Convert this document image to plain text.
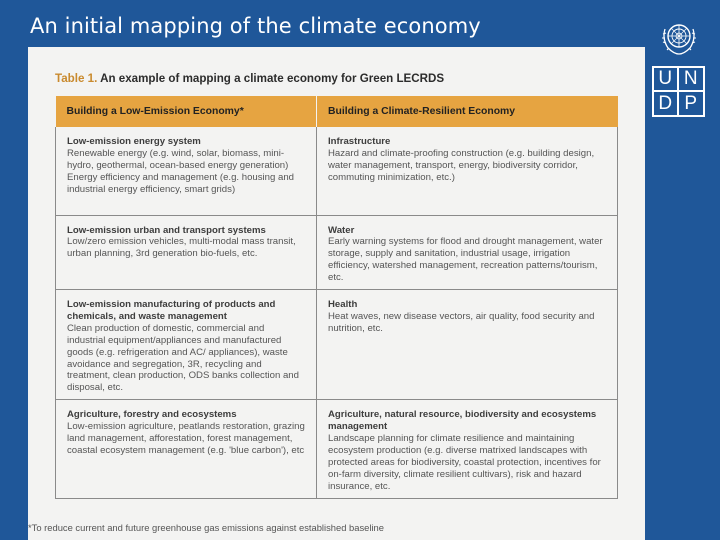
An initial mapping of the climate economy
U N
D P
Table 1. An example of mapping a climate economy for Green LECRDS
Building a Low-Emission Economy*	Building a Climate-Resilient Economy

Low-emission energy system
Renewable energy (e.g. wind, solar, biomass, mini-hydro, geothermal, ocean-based energy generation)
Energy efficiency and management (e.g. housing and industrial energy efficiency, smart grids)	Infrastructure
Hazard and climate-proofing construction (e.g. building design, water management, transport, energy, biodiversity corridor, commuting minimization, etc.)

Low-emission urban and transport systems
Low/zero emission vehicles, multi-modal mass transit, urban planning, 3rd generation bio-fuels, etc.	Water
Early warning systems for flood and drought management, water storage, supply and sanitation, industrial usage, irrigation efficiency, watershed management, recreation patterns/tourism, etc.

Low-emission manufacturing of products and chemicals, and waste management
Clean production of domestic, commercial and industrial equipment/appliances and manufactured goods (e.g. refrigeration and AC/ appliances), waste avoidance and segregation, 3R, recycling and treatment, clean production, ODS banks collection and disposal, etc.	Health
Heat waves, new disease vectors, air quality, food security and nutrition, etc.

Agriculture, forestry and ecosystems
Low-emission agriculture, peatlands restoration, grazing land management, afforestation, forest management, coastal ecosystem management (e.g. 'blue carbon'), etc	Agriculture, natural resource, biodiversity and ecosystems management
Landscape planning for climate resilience and maintaining ecosystem production (e.g. diverse matrixed landscapes with protected areas for biodiversity, coastal protection, incentives for on-farm diversity, climate resilient cultivars), risk and hazard insurance, etc.
*To reduce current and future greenhouse gas emissions against established baseline
